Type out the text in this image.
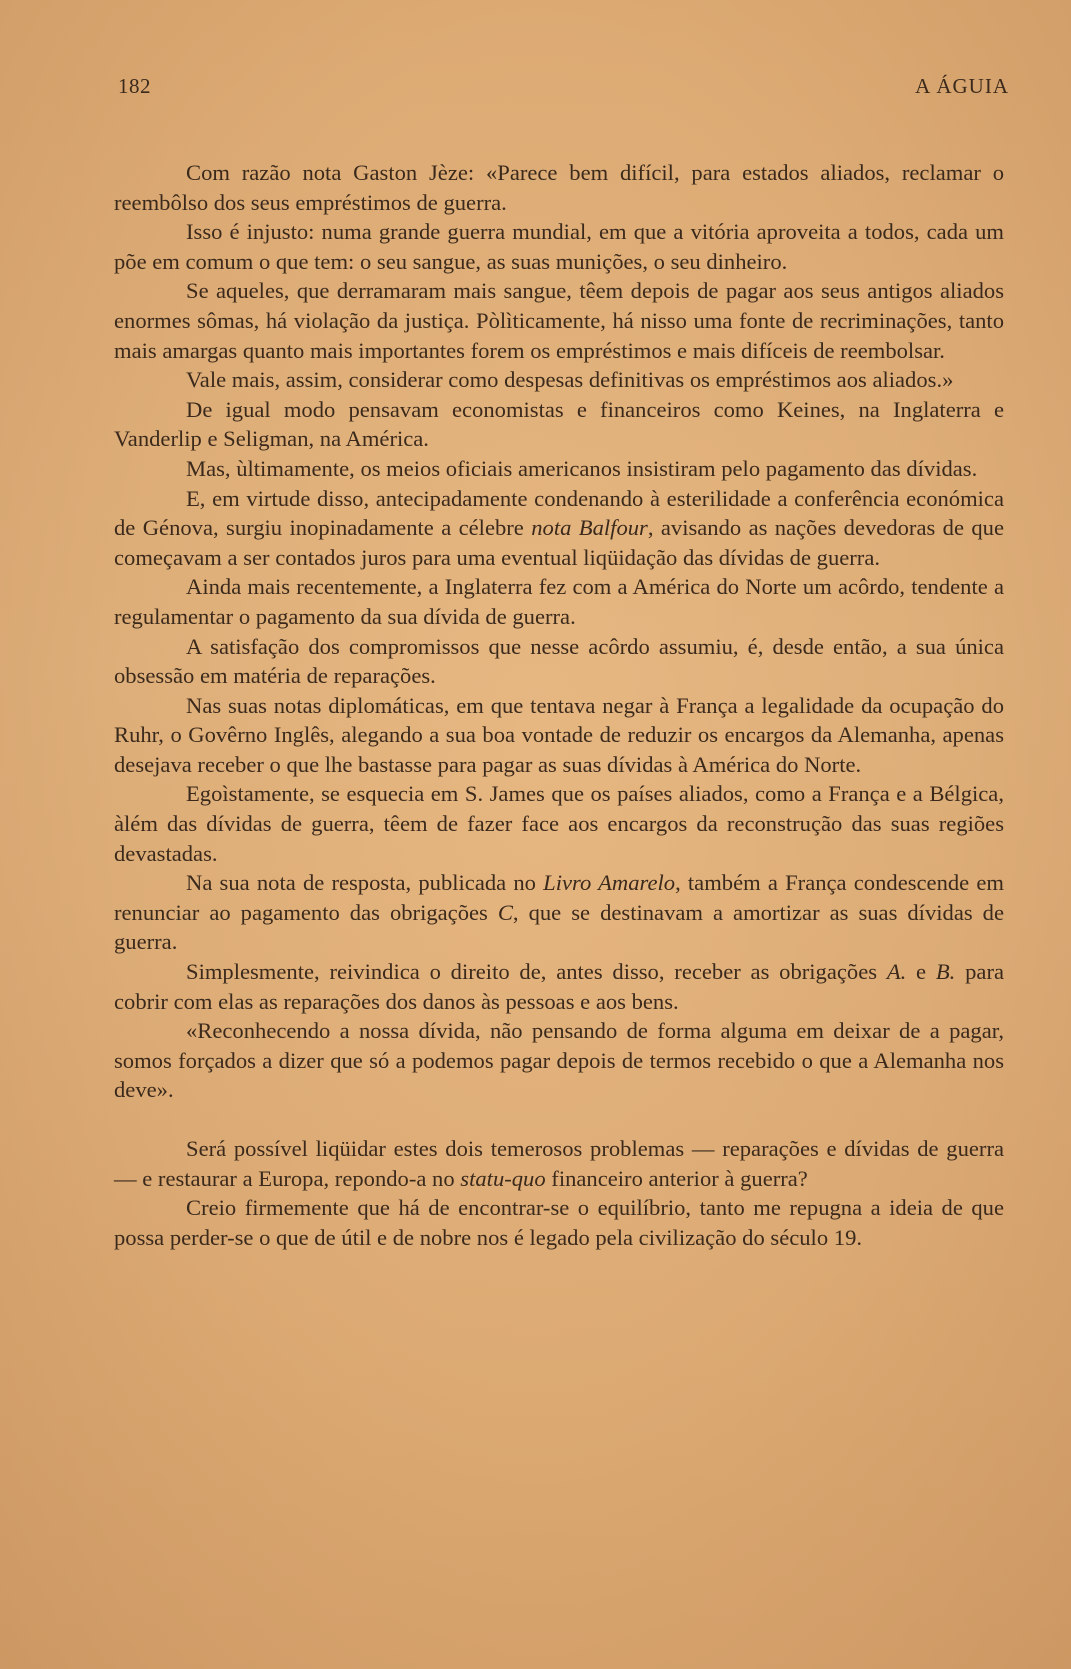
182	A ÁGUIA

Com razão nota Gaston Jèze: «Parece bem difícil, para estados aliados, reclamar o reembôlso dos seus empréstimos de guerra.

Isso é injusto: numa grande guerra mundial, em que a vitória aproveita a todos, cada um põe em comum o que tem: o seu sangue, as suas munições, o seu dinheiro.

Se aqueles, que derramaram mais sangue, têem depois de pagar aos seus antigos aliados enormes sômas, há violação da justiça. Pòlìticamente, há nisso uma fonte de recriminações, tanto mais amargas quanto mais importantes forem os empréstimos e mais difíceis de reembolsar.

Vale mais, assim, considerar como despesas definitivas os empréstimos aos aliados.»

De igual modo pensavam economistas e financeiros como Keines, na Inglaterra e Vanderlip e Seligman, na América.

Mas, ùltimamente, os meios oficiais americanos insistiram pelo pagamento das dívidas.

E, em virtude disso, antecipadamente condenando à esterilidade a conferência económica de Génova, surgiu inopinadamente a célebre nota Balfour, avisando as nações devedoras de que começavam a ser contados juros para uma eventual liqüidação das dívidas de guerra.

Ainda mais recentemente, a Inglaterra fez com a América do Norte um acôrdo, tendente a regulamentar o pagamento da sua dívida de guerra.

A satisfação dos compromissos que nesse acôrdo assumiu, é, desde então, a sua única obsessão em matéria de reparações.

Nas suas notas diplomáticas, em que tentava negar à França a legalidade da ocupação do Ruhr, o Govêrno Inglês, alegando a sua boa vontade de reduzir os encargos da Alemanha, apenas desejava receber o que lhe bastasse para pagar as suas dívidas à América do Norte.

Egoìstamente, se esquecia em S. James que os países aliados, como a França e a Bélgica, àlém das dívidas de guerra, têem de fazer face aos encargos da reconstrução das suas regiões devastadas.

Na sua nota de resposta, publicada no Livro Amarelo, também a França condescende em renunciar ao pagamento das obrigações C, que se destinavam a amortizar as suas dívidas de guerra.

Simplesmente, reivindica o direito de, antes disso, receber as obrigações A. e B. para cobrir com elas as reparações dos danos às pessoas e aos bens.

«Reconhecendo a nossa dívida, não pensando de forma alguma em deixar de a pagar, somos forçados a dizer que só a podemos pagar depois de termos recebido o que a Alemanha nos deve».

Será possível liqüidar estes dois temerosos problemas — reparações e dívidas de guerra — e restaurar a Europa, repondo-a no statu-quo financeiro anterior à guerra?

Creio firmemente que há de encontrar-se o equilíbrio, tanto me repugna a ideia de que possa perder-se o que de útil e de nobre nos é legado pela civilização do século 19.
